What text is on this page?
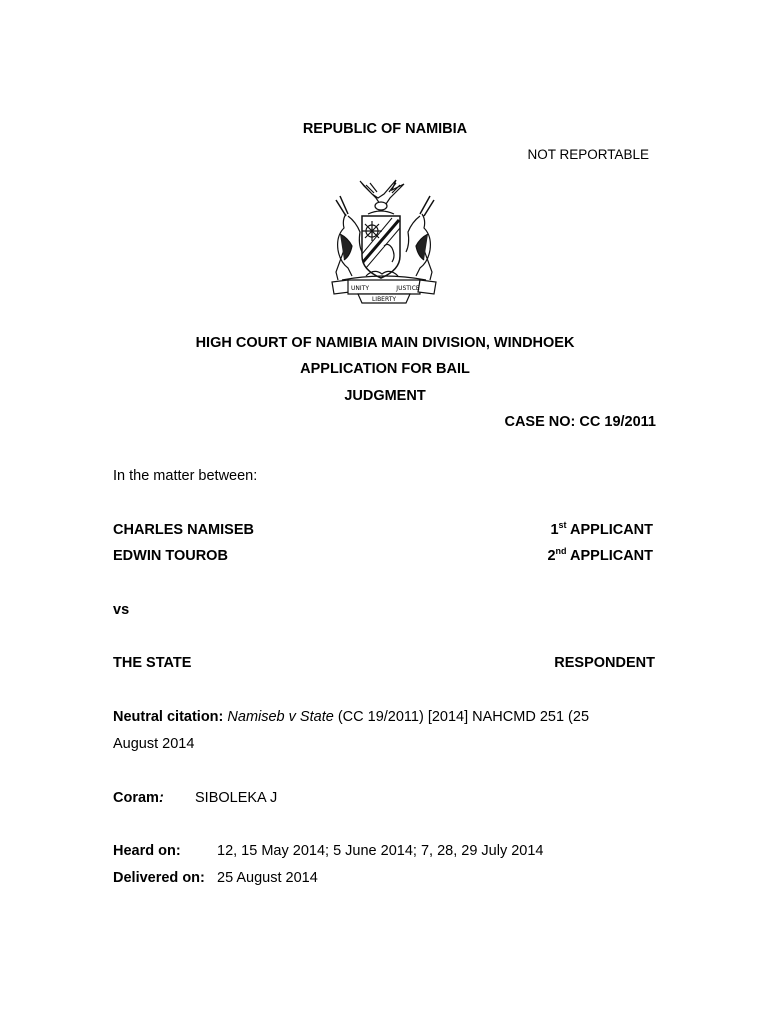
REPUBLIC OF NAMIBIA
NOT REPORTABLE
UNITY	JUSTICE
LIBERTY
HIGH COURT OF NAMIBIA MAIN DIVISION, WINDHOEK
APPLICATION FOR BAIL
JUDGMENT
CASE NO: CC 19/2011
In the matter between:
CHARLES NAMISEB	1st APPLICANT
EDWIN TOUROB	2nd APPLICANT
vs
THE STATE	RESPONDENT
Neutral citation: Namiseb v State (CC 19/2011) [2014] NAHCMD 251 (25
August 2014
Coram: SIBOLEKA J
Heard on:	12, 15 May 2014; 5 June 2014; 7, 28, 29 July 2014
Delivered on: 25 August 2014
